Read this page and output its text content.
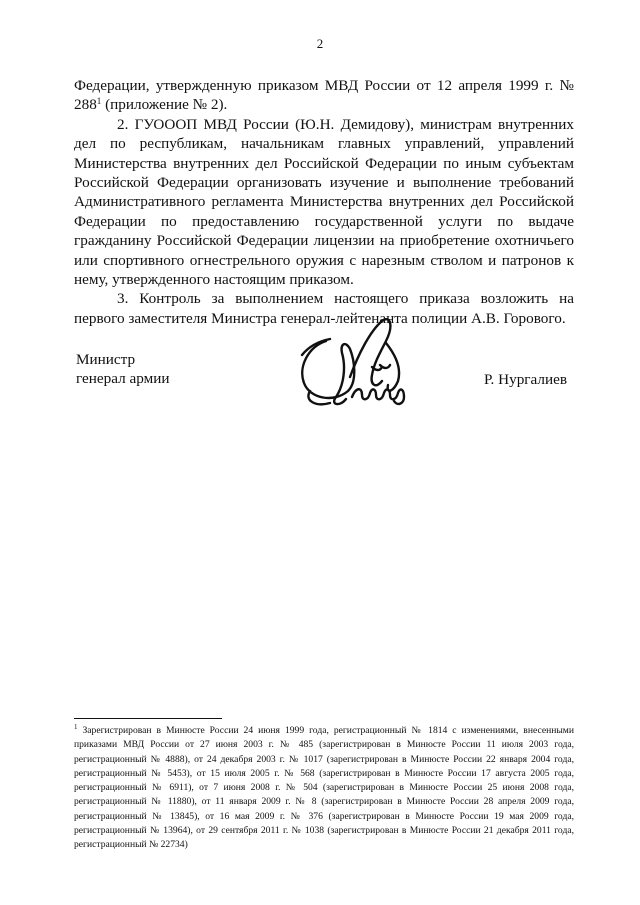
2

Федерации, утвержденную приказом МВД России от 12 апреля 1999 г. № $288^1$ (приложение № 2).

2. ГУОООП МВД России (Ю.Н. Демидову), министрам внутренних дел по республикам, начальникам главных управлений, управлений Министерства внутренних дел Российской Федерации по иным субъектам Российской Федерации организовать изучение и выполнение требований Административного регламента Министерства внутренних дел Российской Федерации по предоставлению государственной услуги по выдаче гражданину Российской Федерации лицензии на приобретение охотничьего или спортивного огнестрельного оружия с нарезным стволом и патронов к нему, утвержденного настоящим приказом.

3. Контроль за выполнением настоящего приказа возложить на первого заместителя Министра генерал-лейтенанта полиции А.В. Горового.

Министр
генерал армии	Р. Нургалиев

$^1$ Зарегистрирован в Минюсте России 24 июня 1999 года, регистрационный № 1814 с изменениями, внесенными приказами МВД России от 27 июня 2003 г. № 485 (зарегистрирован в Минюсте России 11 июля 2003 года, регистрационный № 4888), от 24 декабря 2003 г. № 1017 (зарегистрирован в Минюсте России 22 января 2004 года, регистрационный № 5453), от 15 июля 2005 г. № 568 (зарегистрирован в Минюсте России 17 августа 2005 года, регистрационный № 6911), от 7 июня 2008 г. № 504 (зарегистрирован в Минюсте России 25 июня 2008 года, регистрационный № 11880), от 11 января 2009 г. № 8 (зарегистрирован в Минюсте России 28 апреля 2009 года, регистрационный № 13845), от 16 мая 2009 г. № 376 (зарегистрирован в Минюсте России 19 мая 2009 года, регистрационный № 13964), от 29 сентября 2011 г. № 1038 (зарегистрирован в Минюсте России 21 декабря 2011 года, регистрационный № 22734)
